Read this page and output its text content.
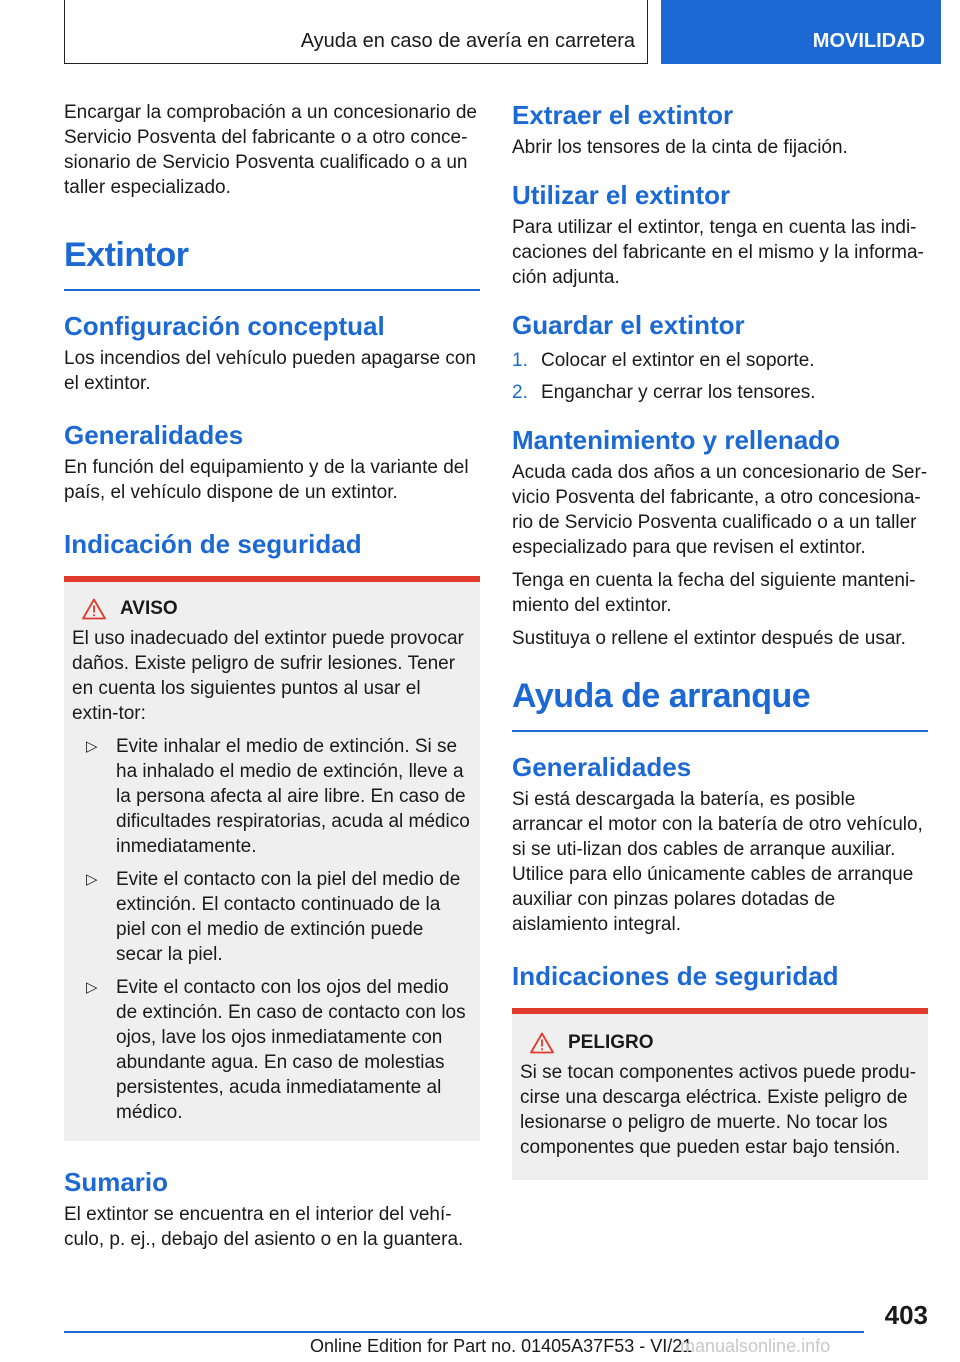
Ayuda en caso de avería en carretera	MOVILIDAD

Encargar la comprobación a un concesionario de Servicio Posventa del fabricante o a otro conce-sionario de Servicio Posventa cualificado o a un taller especializado.

Extintor
Configuración conceptual

Los incendios del vehículo pueden apagarse con el extintor.

Generalidades

En función del equipamiento y de la variante del país, el vehículo dispone de un extintor.

Indicación de seguridad
AVISO

El uso inadecuado del extintor puede provocar daños. Existe peligro de sufrir lesiones. Tener en cuenta los siguientes puntos al usar el extin-tor:

▷ Evite inhalar el medio de extinción. Si se ha inhalado el medio de extinción, lleve a la persona afecta al aire libre. En caso de dificultades respiratorias, acuda al médico inmediatamente.
▷ Evite el contacto con la piel del medio de extinción. El contacto continuado de la piel con el medio de extinción puede secar la piel.
▷ Evite el contacto con los ojos del medio de extinción. En caso de contacto con los ojos, lave los ojos inmediatamente con abundante agua. En caso de molestias persistentes, acuda inmediatamente al médico.
Sumario

El extintor se encuentra en el interior del vehí-culo, p. ej., debajo del asiento o en la guantera.

Extraer el extintor

Abrir los tensores de la cinta de fijación.

Utilizar el extintor

Para utilizar el extintor, tenga en cuenta las indi-caciones del fabricante en el mismo y la informa-ción adjunta.

Guardar el extintor
1. Colocar el extintor en el soporte.
2. Enganchar y cerrar los tensores.
Mantenimiento y rellenado

Acuda cada dos años a un concesionario de Ser-vicio Posventa del fabricante, a otro concesiona-rio de Servicio Posventa cualificado o a un taller especializado para que revisen el extintor.

Tenga en cuenta la fecha del siguiente manteni-miento del extintor.

Sustituya o rellene el extintor después de usar.

Ayuda de arranque
Generalidades

Si está descargada la batería, es posible arrancar el motor con la batería de otro vehículo, si se uti-lizan dos cables de arranque auxiliar. Utilice para ello únicamente cables de arranque auxiliar con pinzas polares dotadas de aislamiento integral.

Indicaciones de seguridad
PELIGRO

Si se tocan componentes activos puede produ-cirse una descarga eléctrica. Existe peligro de lesionarse o peligro de muerte. No tocar los componentes que pueden estar bajo tensión.

403
Online Edition for Part no. 01405A37F53 - VI/21
manualsonline.info
